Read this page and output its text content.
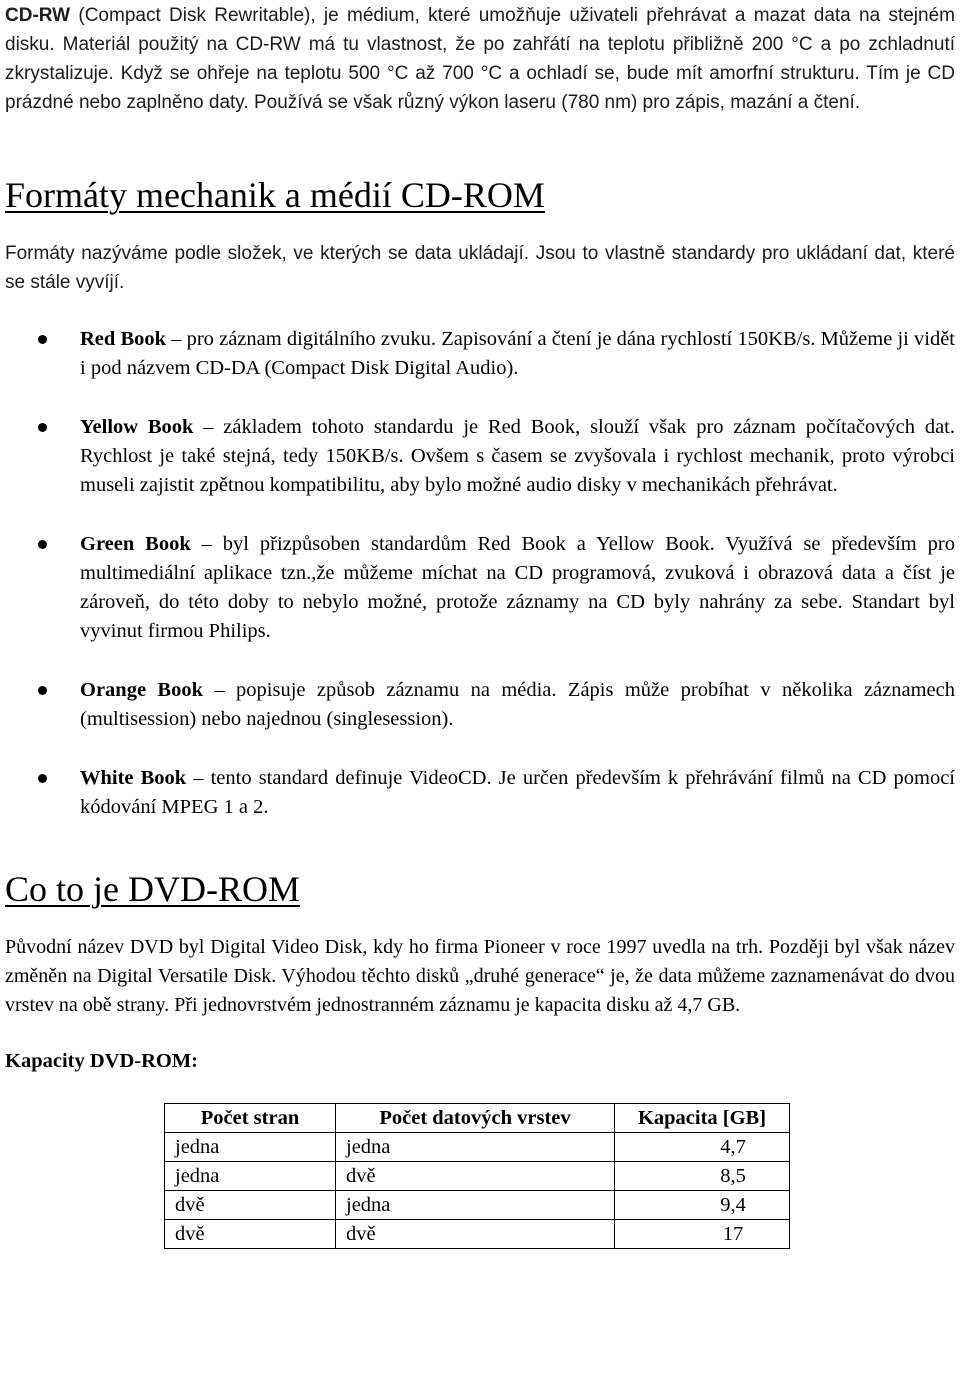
CD-RW (Compact Disk Rewritable), je médium, které umožňuje uživateli přehrávat a mazat data na stejném disku. Materiál použitý na CD-RW má tu vlastnost, že po zahřátí na teplotu přibližně 200 °C a po zchladnutí zkrystalizuje. Když se ohřeje na teplotu 500 °C až 700 °C a ochladí se, bude mít amorfní strukturu. Tím je CD prázdné nebo zaplněno daty. Používá se však různý výkon laseru (780 nm) pro zápis, mazání a čtení.

Formáty mechanik a médií CD-ROM

Formáty nazýváme podle složek, ve kterých se data ukládají. Jsou to vlastně standardy pro ukládaní dat, které se stále vyvíjí.

Red Book – pro záznam digitálního zvuku. Zapisování a čtení je dána rychlostí 150KB/s. Můžeme ji vidět i pod názvem CD-DA (Compact Disk Digital Audio).

Yellow Book – základem tohoto standardu je Red Book, slouží však pro záznam počítačových dat. Rychlost je také stejná, tedy 150KB/s. Ovšem s časem se zvyšovala i rychlost mechanik, proto výrobci museli zajistit zpětnou kompatibilitu, aby bylo možné audio disky v mechanikách přehrávat.

Green Book – byl přizpůsoben standardům Red Book a Yellow Book. Využívá se především pro multimediální aplikace tzn.,že můžeme míchat na CD programová, zvuková i obrazová data a číst je zároveň, do této doby to nebylo možné, protože záznamy na CD byly nahrány za sebe. Standart byl vyvinut firmou Philips.

Orange Book – popisuje způsob záznamu na média. Zápis může probíhat v několika záznamech (multisession) nebo najednou (singlesession).

White Book – tento standard definuje VideoCD. Je určen především k přehrávání filmů na CD pomocí kódování MPEG 1 a 2.

Co to je DVD-ROM

Původní název DVD byl Digital Video Disk, kdy ho firma Pioneer v roce 1997 uvedla na trh. Později byl však název změněn na Digital Versatile Disk. Výhodou těchto disků „druhé generace“ je, že data můžeme zaznamenávat do dvou vrstev na obě strany. Při jednovrstvém jednostranném záznamu je kapacita disku až 4,7 GB.

Kapacity DVD-ROM:

Počet stran	Počet datových vrstev	Kapacita [GB]
jedna	jedna	4,7
jedna	dvě	8,5
dvě	jedna	9,4
dvě	dvě	17
